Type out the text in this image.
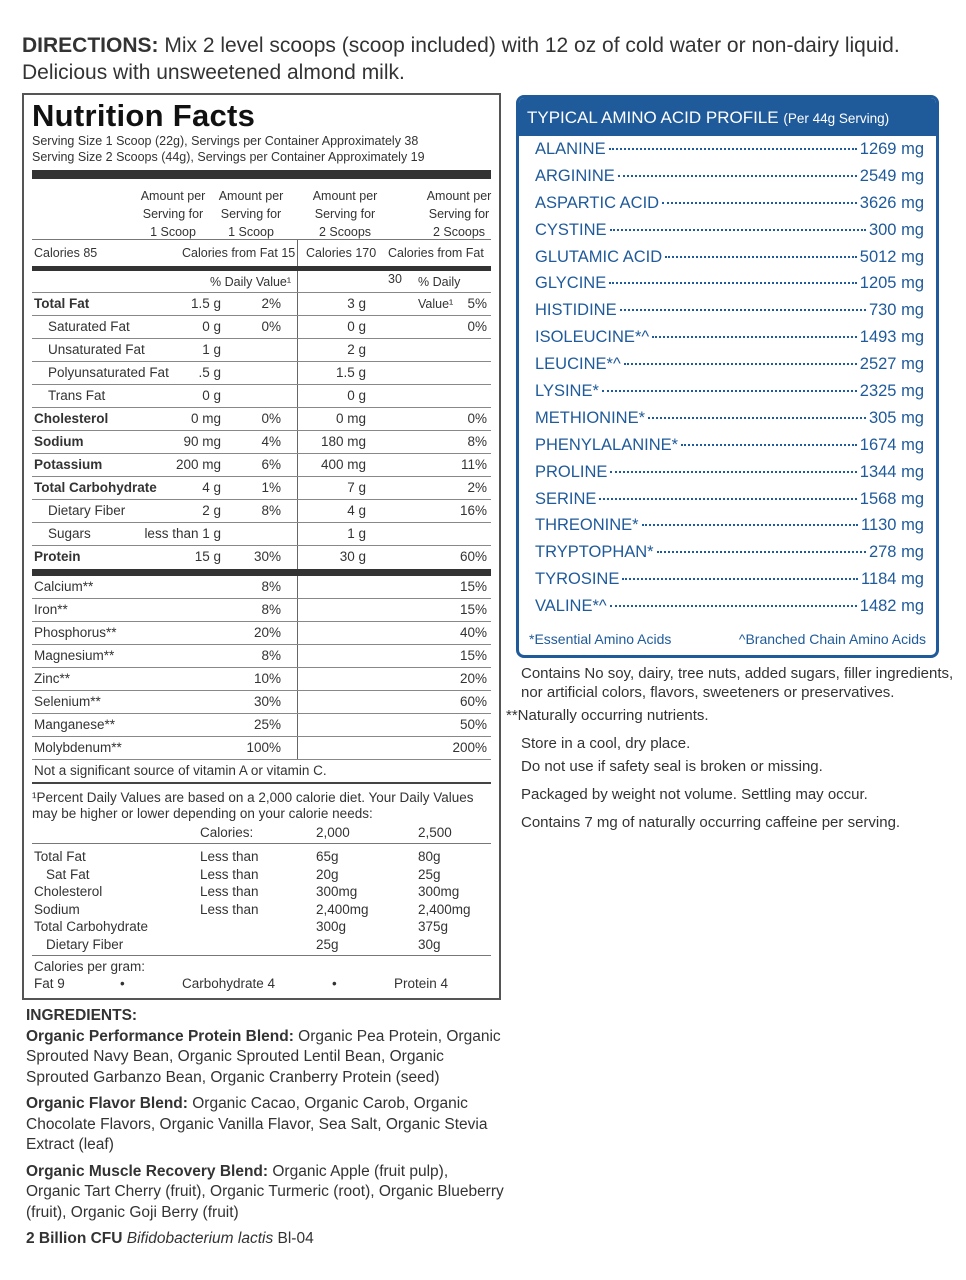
DIRECTIONS: Mix 2 level scoops (scoop included) with 12 oz of cold water or non-dairy liquid. Delicious with unsweetened almond milk.
Nutrition Facts
Serving Size 1 Scoop (22g), Servings per Container Approximately 38
Serving Size 2 Scoops (44g), Servings per Container Approximately 19
Amount per Serving for 1 Scoop
Amount per Serving for 1 Scoop
Amount per Serving for 2 Scoops
Amount per Serving for 2 Scoops
Calories 85	Calories from Fat 15 Calories 170 Calories from Fat 30
% Daily Value¹	% Daily Value¹
Total Fat	1.5 g	2%	3 g	5%
Saturated Fat	0 g	0%	0 g	0%
Unsaturated Fat	1 g	2 g
Polyunsaturated Fat .5 g	1.5 g
Trans Fat	0 g	0 g
Cholesterol	0 mg	0%	0 mg	0%
Sodium	90 mg	4%	180 mg	8%
Potassium	200 mg	6%	400 mg	11%
Total Carbohydrate	4 g	1%	7 g	2%
Dietary Fiber	2 g	8%	4 g	16%
Sugars	less than 1 g	1 g
Protein	15 g 30%	30 g	60%
Calcium**	8%	15%
Iron**	8%	15%
Phosphorus**	20%	40%
Magnesium**	8%	15%
Zinc**	10%	20%
Selenium**	30%	60%
Manganese**	25%	50%
Molybdenum**	100%	200%
Not a significant source of vitamin A or vitamin C.
¹Percent Daily Values are based on a 2,000 calorie diet. Your Daily Values may be higher or lower depending on your calorie needs:
Calories:	2,000	2,500
Total Fat	Less than	65g	80g
Sat Fat	Less than	20g	25g
Cholesterol	Less than	300mg	300mg
Sodium	Less than	2,400mg	2,400mg
Total Carbohydrate	300g	375g
Dietary Fiber	25g	30g
Calories per gram:
Fat 9	•	Carbohydrate 4	•	Protein 4
TYPICAL AMINO ACID PROFILE (Per 44g Serving)
ALANINE	1269 mg
ARGININE	2549 mg
ASPARTIC ACID	3626 mg
CYSTINE	300 mg
GLUTAMIC ACID	5012 mg
GLYCINE	1205 mg
HISTIDINE	730 mg
ISOLEUCINE*^	1493 mg
LEUCINE*^	2527 mg
LYSINE*	2325 mg
METHIONINE*	305 mg
PHENYLALANINE*	1674 mg
PROLINE	1344 mg
SERINE	1568 mg
THREONINE*	1130 mg
TRYPTOPHAN*	278 mg
TYROSINE	1184 mg
VALINE*^	1482 mg
*Essential Amino Acids	^Branched Chain Amino Acids

Contains No soy, dairy, tree nuts, added sugars, filler ingredients, nor artificial colors, flavors, sweeteners or preservatives.

**Naturally occurring nutrients.

Store in a cool, dry place.

Do not use if safety seal is broken or missing.

Packaged by weight not volume. Settling may occur.

Contains 7 mg of naturally occurring caffeine per serving.

INGREDIENTS:

Organic Performance Protein Blend: Organic Pea Protein, Organic Sprouted Navy Bean, Organic Sprouted Lentil Bean, Organic Sprouted Garbanzo Bean, Organic Cranberry Protein (seed)

Organic Flavor Blend: Organic Cacao, Organic Carob, Organic Chocolate Flavors, Organic Vanilla Flavor, Sea Salt, Organic Stevia Extract (leaf)

Organic Muscle Recovery Blend: Organic Apple (fruit pulp), Organic Tart Cherry (fruit), Organic Turmeric (root), Organic Blueberry (fruit), Organic Goji Berry (fruit)

2 Billion CFU Bifidobacterium lactis Bl-04
